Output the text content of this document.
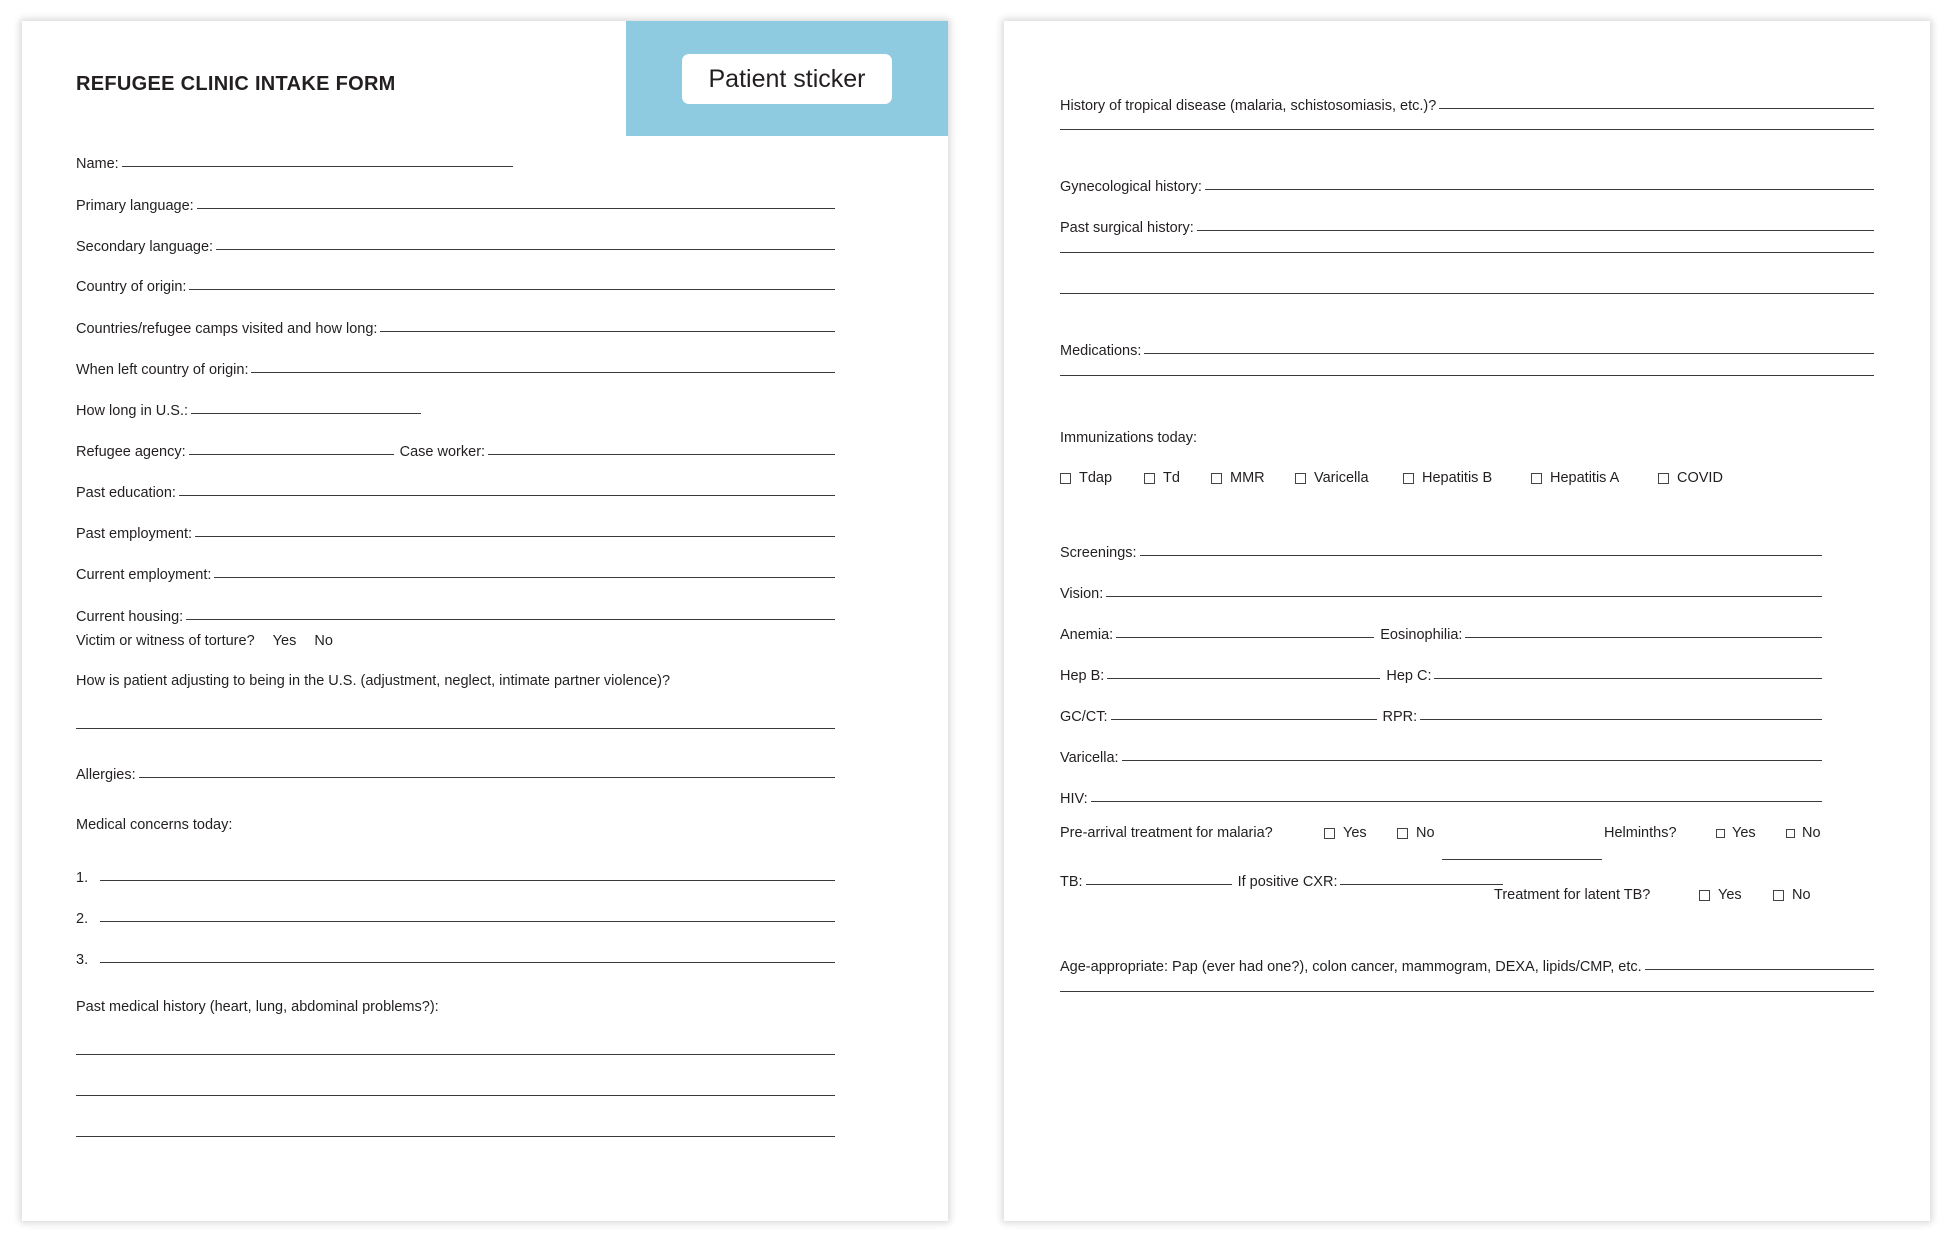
Patient sticker
REFUGEE CLINIC INTAKE FORM
Name:
Primary language:
Secondary language:
Country of origin:
Countries/refugee camps visited and how long:
When left country of origin:
How long in U.S.:
Refugee agency:	Case worker:
Past education:
Past employment:
Current employment:
Current housing:
Victim or witness of torture? Yes No
How is patient adjusting to being in the U.S. (adjustment, neglect, intimate partner violence)?
Allergies:
Medical concerns today:
1.
2.
3.
Past medical history (heart, lung, abdominal problems?):
History of tropical disease (malaria, schistosomiasis, etc.)?
Gynecological history:
Past surgical history:
Medications:
Immunizations today:
Tdap	Td	MMR	Varicella	Hepatitis B	Hepatitis A	COVID
Screenings:
Vision:
Anemia:	Eosinophilia:
Hep B:	Hep C:
GC/CT:	RPR:
Varicella:
HIV:
Pre-arrival treatment for malaria?	Yes	No	Helminths?	Yes	No
TB:	If positive CXR:
Treatment for latent TB?	Yes	No
Age-appropriate: Pap (ever had one?), colon cancer, mammogram, DEXA, lipids/CMP, etc.
